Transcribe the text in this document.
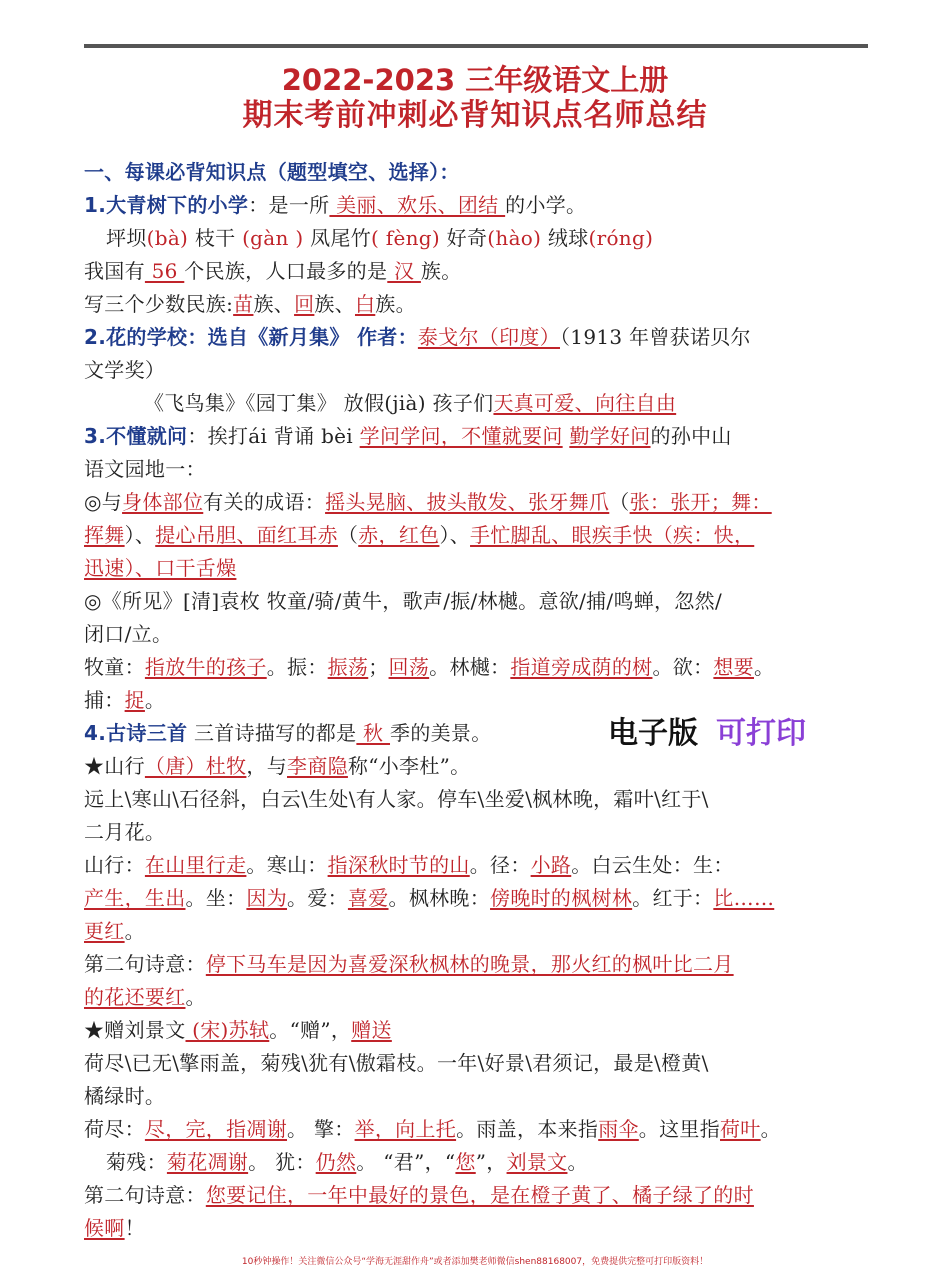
2022-2023 三年级语文上册
期末考前冲刺必背知识点名师总结
一、每课必背知识点（题型填空、选择）：
1.大青树下的小学：是一所 美丽、欢乐、团结 的小学。
坪坝(bà) 枝干 (gàn ) 凤尾竹( fèng) 好奇(hào) 绒球(róng)
我国有 56 个民族，人口最多的是 汉 族。
写三个少数民族:苗族、回族、白族。
2.花的学校：选自《新月集》 作者：泰戈尔（印度）（1913 年曾获诺贝尔
文学奖）
《飞鸟集》《园丁集》 放假(jià) 孩子们天真可爱、向往自由
3.不懂就问：挨打ái 背诵 bèi 学问学问，不懂就要问 勤学好问的孙中山
语文园地一：
◎与身体部位有关的成语：摇头晃脑、披头散发、张牙舞爪（张：张开；舞：
挥舞）、提心吊胆、面红耳赤（赤，红色）、手忙脚乱、眼疾手快（疾：快，
迅速）、口干舌燥
◎《所见》[清]袁枚 牧童/骑/黄牛，歌声/振/林樾。意欲/捕/鸣蝉，忽然/
闭口/立。
牧童：指放牛的孩子。振：振荡；回荡。林樾：指道旁成荫的树。欲：想要。
捕：捉。
4.古诗三首 三首诗描写的都是 秋 季的美景。
★山行（唐）杜牧，与李商隐称“小李杜”。
远上\寒山\石径斜，白云\生处\有人家。停车\坐爱\枫林晚，霜叶\红于\
二月花。
山行：在山里行走。寒山：指深秋时节的山。径：小路。白云生处：生：
产生，生出。坐：因为。爱：喜爱。枫林晚：傍晚时的枫树林。红于：比……
更红。
第二句诗意：停下马车是因为喜爱深秋枫林的晚景，那火红的枫叶比二月
的花还要红。
★赠刘景文 (宋)苏轼。“赠”，赠送
荷尽\已无\擎雨盖，菊残\犹有\傲霜枝。一年\好景\君须记，最是\橙黄\
橘绿时。
荷尽：尽，完，指凋谢。 擎：举，向上托。雨盖，本来指雨伞。这里指荷叶。
菊残：菊花凋谢。 犹：仍然。 “君”，“您”，刘景文。
第二句诗意：您要记住，一年中最好的景色，是在橙子黄了、橘子绿了的时
候啊！
电子版 可打印
10秒钟操作！关注微信公众号“学海无涯甜作舟”或者添加樊老师微信shen88168007，免费提供完整可打印版资料！
